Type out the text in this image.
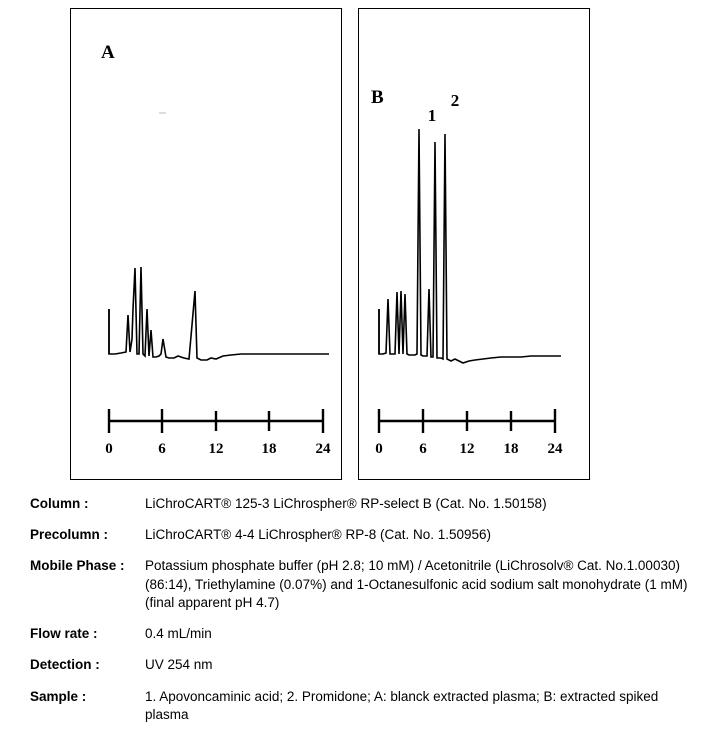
A
0	6	12	18	24
B
1
2
0 6 12 18 24
Column :	LiChroCART® 125-3 LiChrospher® RP-select B (Cat. No. 1.50158)
Precolumn :	LiChroCART® 4-4 LiChrospher® RP-8 (Cat. No. 1.50956)
Mobile Phase :	Potassium phosphate buffer (pH 2.8; 10 mM) / Acetonitrile (LiChrosolv® Cat. No.1.00030) (86:14), Triethylamine (0.07%) and 1-Octanesulfonic acid sodium salt monohydrate (1 mM) (final apparent pH 4.7)
Flow rate :	0.4 mL/min
Detection :	UV 254 nm
Sample :	1. Apovoncaminic acid; 2. Promidone; A: blanck extracted plasma; B: extracted spiked plasma
